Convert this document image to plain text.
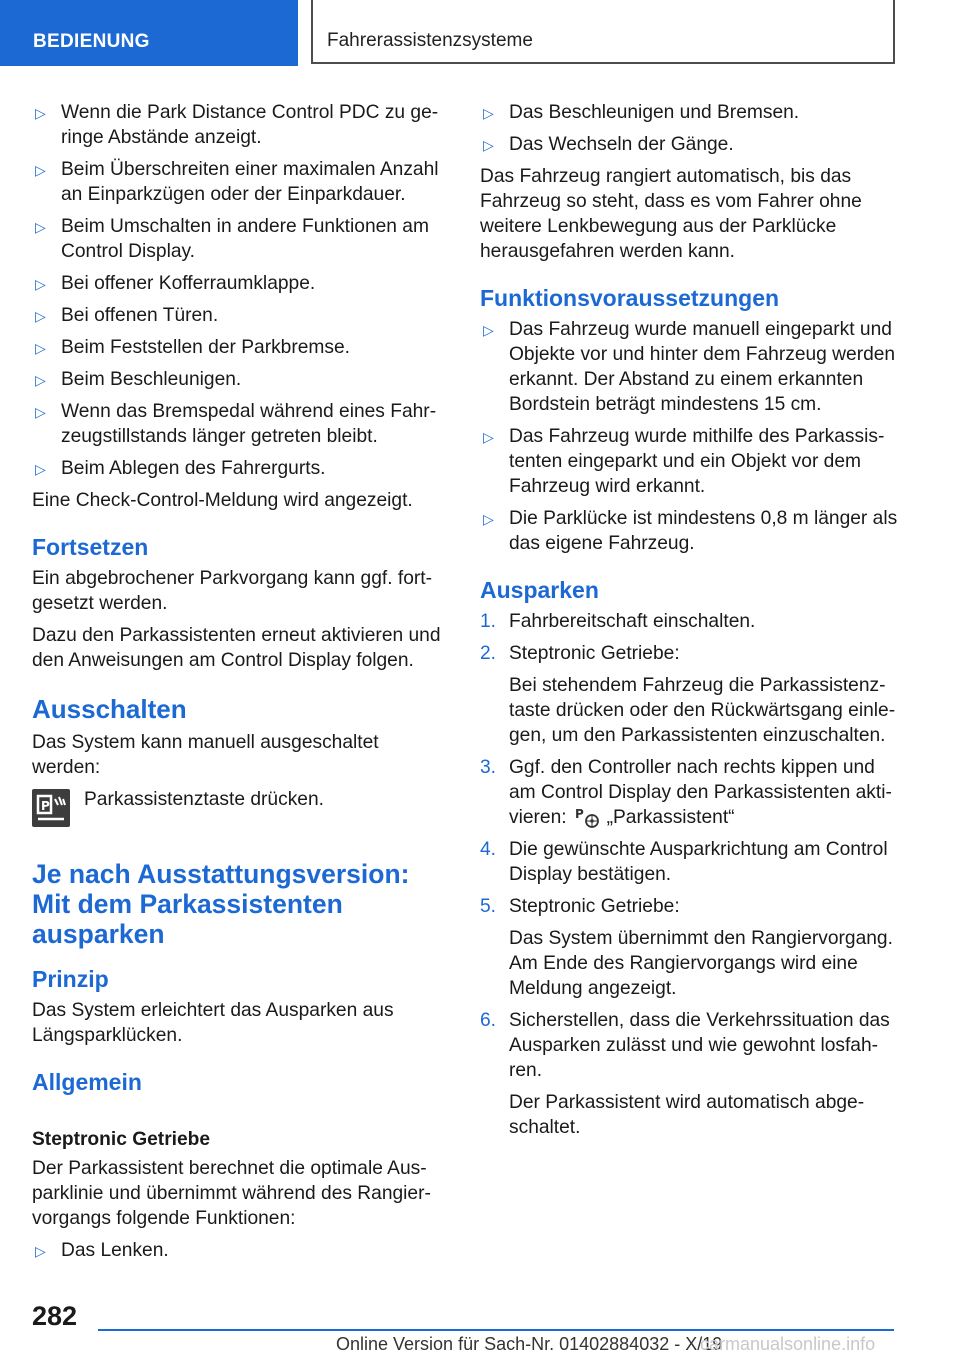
BEDIENUNG	Fahrerassistenzsysteme
▷ Wenn die Park Distance Control PDC zu geringe Abstände anzeigt.
▷ Beim Überschreiten einer maximalen Anzahl an Einparkzügen oder der Einparkdauer.
▷ Beim Umschalten in andere Funktionen am Control Display.
▷ Bei offener Kofferraumklappe.
▷ Bei offenen Türen.
▷ Beim Feststellen der Parkbremse.
▷ Beim Beschleunigen.
▷ Wenn das Bremspedal während eines Fahrzeugstillstands länger getreten bleibt.
▷ Beim Ablegen des Fahrergurts.

Eine Check-Control-Meldung wird angezeigt.

Fortsetzen

Ein abgebrochener Parkvorgang kann ggf. fortgesetzt werden.

Dazu den Parkassistenten erneut aktivieren und den Anweisungen am Control Display folgen.

Ausschalten

Das System kann manuell ausgeschaltet werden:

P Parkassistenztaste drücken.
Je nach Ausstattungsversion: Mit dem Parkassistenten ausparken
Prinzip

Das System erleichtert das Ausparken aus Längsparklücken.

Allgemein
Steptronic Getriebe

Der Parkassistent berechnet die optimale Ausparklinie und übernimmt während des Rangiervorgangs folgende Funktionen:

▷ Das Lenken.
▷ Das Beschleunigen und Bremsen.
▷ Das Wechseln der Gänge.

Das Fahrzeug rangiert automatisch, bis das Fahrzeug so steht, dass es vom Fahrer ohne weitere Lenkbewegung aus der Parklücke herausgefahren werden kann.

Funktionsvoraussetzungen
▷ Das Fahrzeug wurde manuell eingeparkt und Objekte vor und hinter dem Fahrzeug werden erkannt. Der Abstand zu einem erkannten Bordstein beträgt mindestens 15 cm.
▷ Das Fahrzeug wurde mithilfe des Parkassistenten eingeparkt und ein Objekt vor dem Fahrzeug wird erkannt.
▷ Die Parklücke ist mindestens 0,8 m länger als das eigene Fahrzeug.
Ausparken
1. Fahrbereitschaft einschalten.
2. Steptronic Getriebe:
Bei stehendem Fahrzeug die Parkassistenztaste drücken oder den Rückwärtsgang einlegen, um den Parkassistenten einzuschalten.
3. Ggf. den Controller nach rechts kippen und am Control Display den Parkassistenten aktivieren: P „Parkassistent“
4. Die gewünschte Ausparkrichtung am Control Display bestätigen.
5. Steptronic Getriebe:
Das System übernimmt den Rangiervorgang. Am Ende des Rangiervorgangs wird eine Meldung angezeigt.
6. Sicherstellen, dass die Verkehrssituation das Ausparken zulässt und wie gewohnt losfahren.
Der Parkassistent wird automatisch abgeschaltet.
282
Online Version für Sach-Nr. 01402884032 - X/19
carmanualsonline.info
